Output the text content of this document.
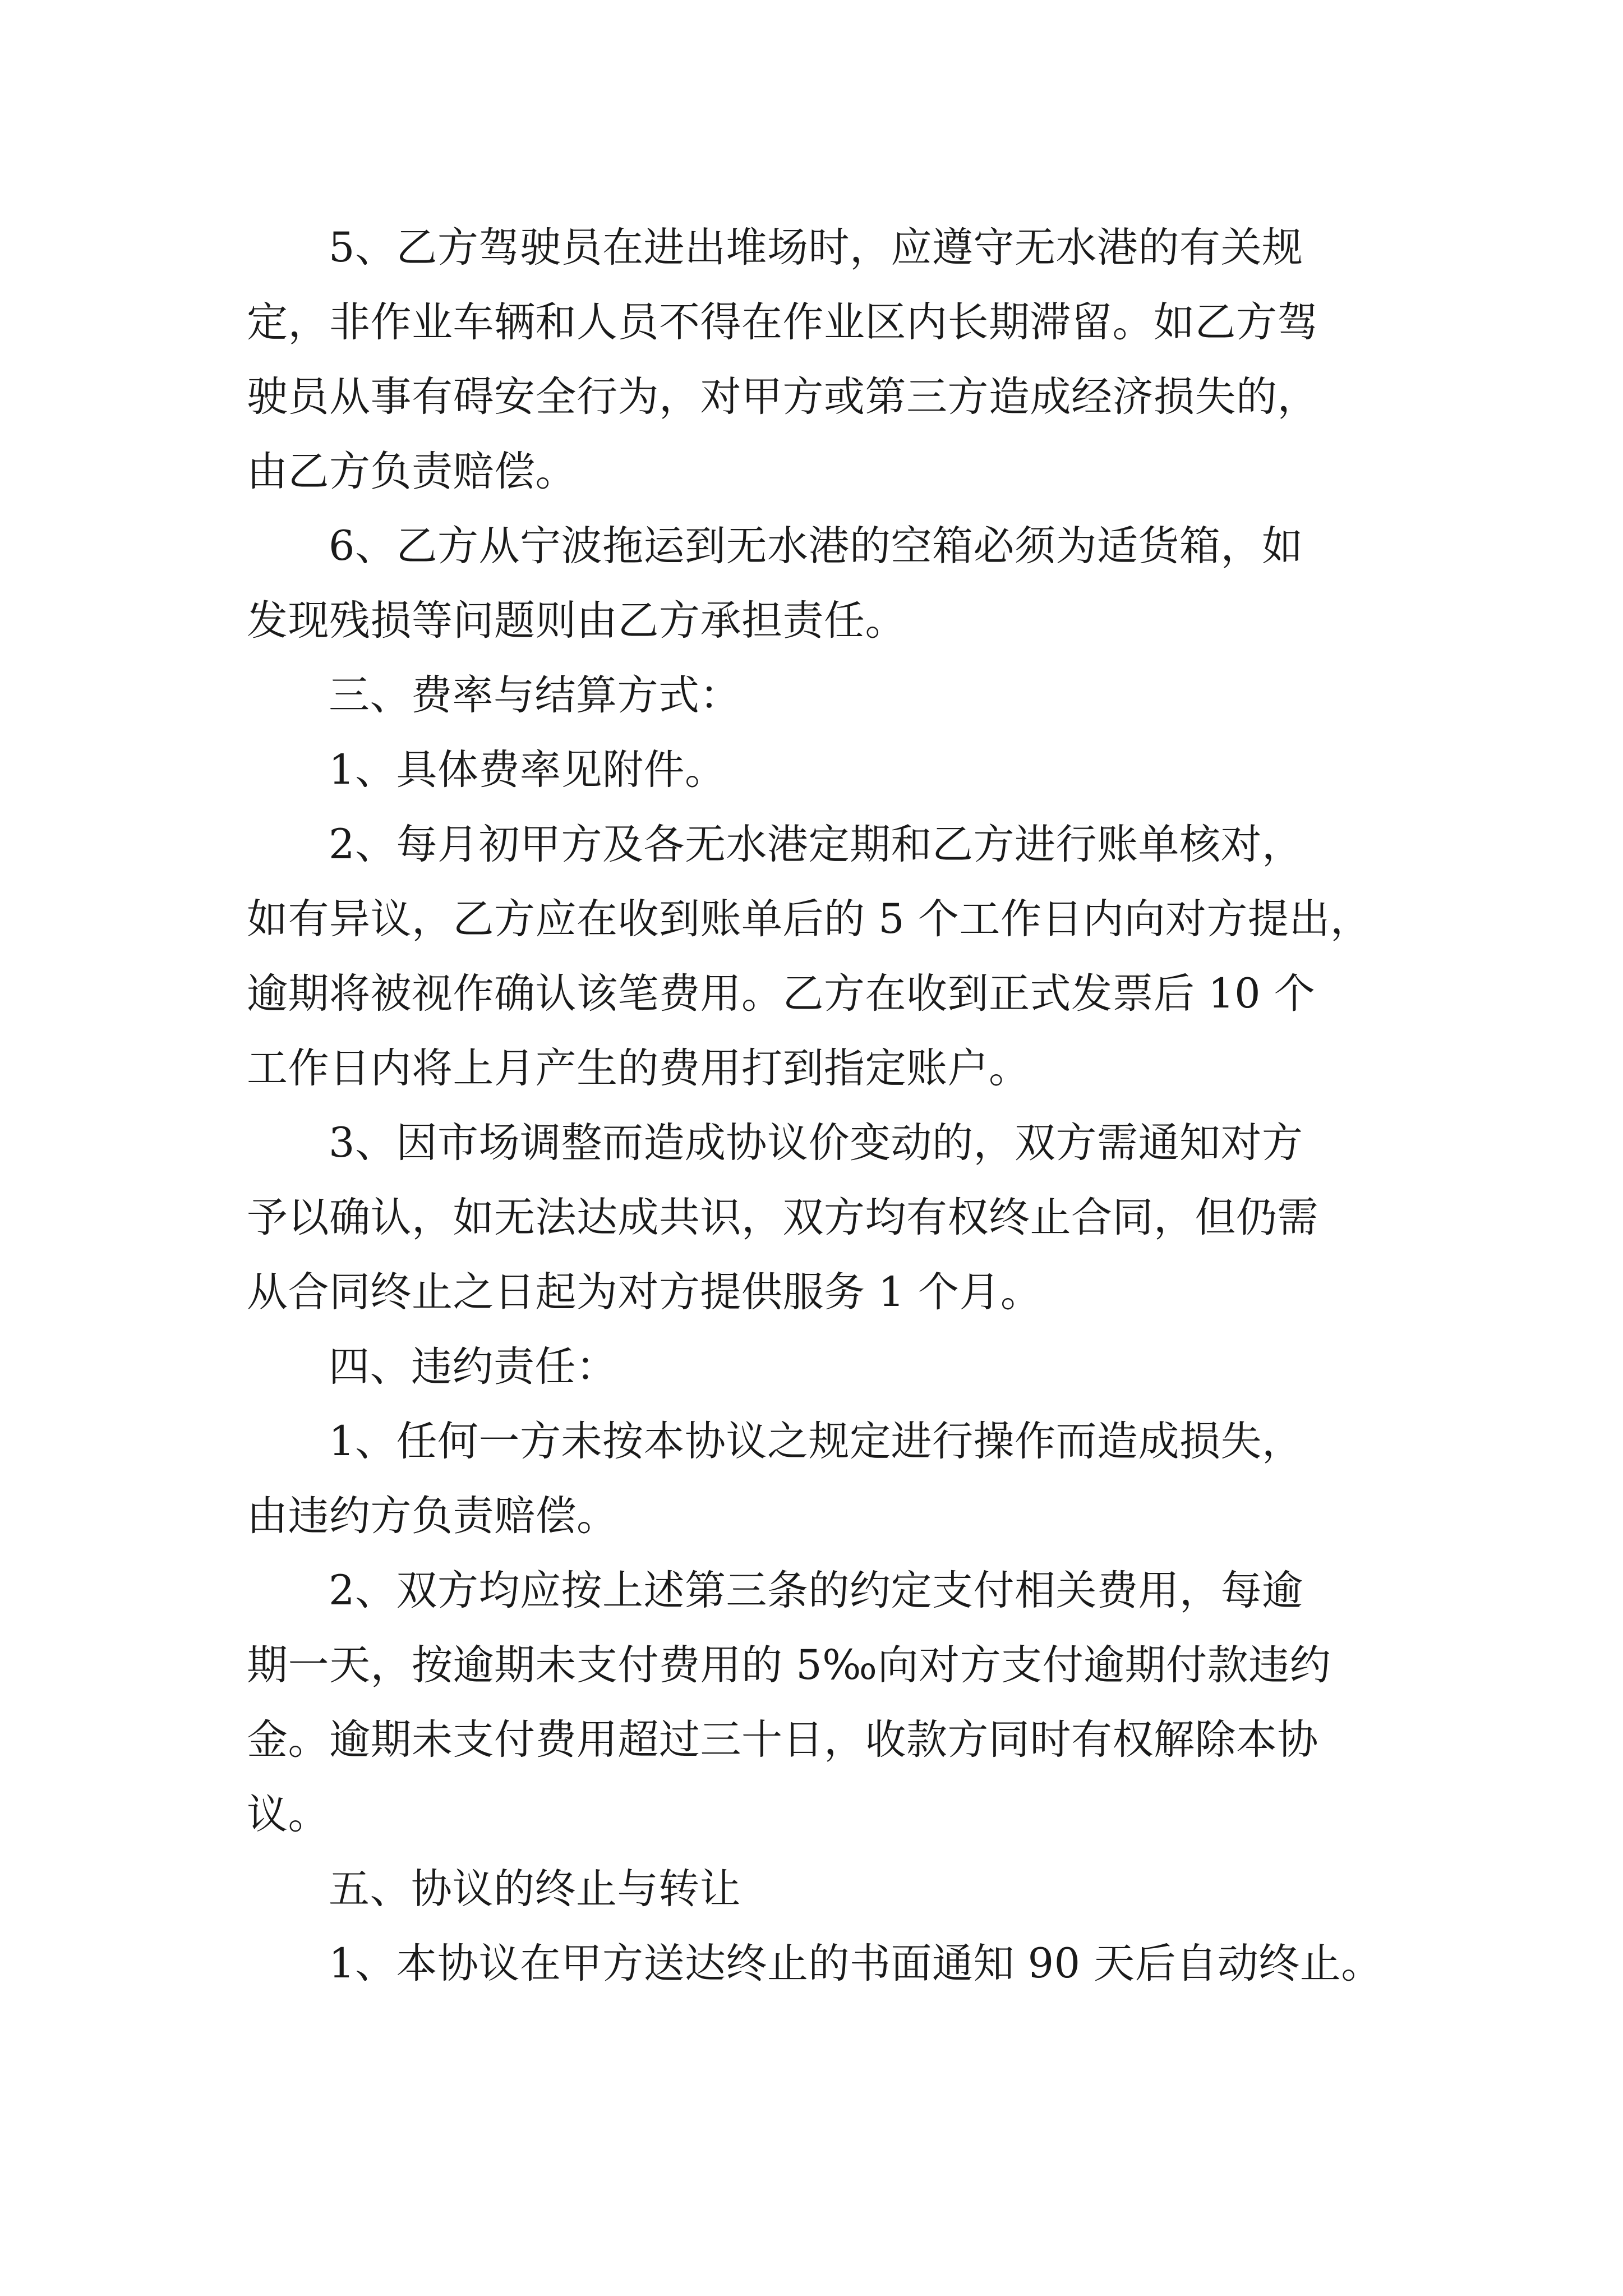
5、乙方驾驶员在进出堆场时，应遵守无水港的有关规
定，非作业车辆和人员不得在作业区内长期滞留。如乙方驾
驶员从事有碍安全行为，对甲方或第三方造成经济损失的，
由乙方负责赔偿。

6、乙方从宁波拖运到无水港的空箱必须为适货箱，如
发现残损等问题则由乙方承担责任。

三、费率与结算方式：

1、具体费率见附件。

2、每月初甲方及各无水港定期和乙方进行账单核对，
如有异议，乙方应在收到账单后的 5 个工作日内向对方提出，
逾期将被视作确认该笔费用。乙方在收到正式发票后 10 个
工作日内将上月产生的费用打到指定账户。

3、因市场调整而造成协议价变动的，双方需通知对方
予以确认，如无法达成共识，双方均有权终止合同，但仍需
从合同终止之日起为对方提供服务 1 个月。

四、违约责任：

1、任何一方未按本协议之规定进行操作而造成损失，
由违约方负责赔偿。

2、双方均应按上述第三条的约定支付相关费用，每逾
期一天，按逾期未支付费用的 5‰向对方支付逾期付款违约
金。逾期未支付费用超过三十日，收款方同时有权解除本协
议。

五、协议的终止与转让

1、本协议在甲方送达终止的书面通知 90 天后自动终止。
